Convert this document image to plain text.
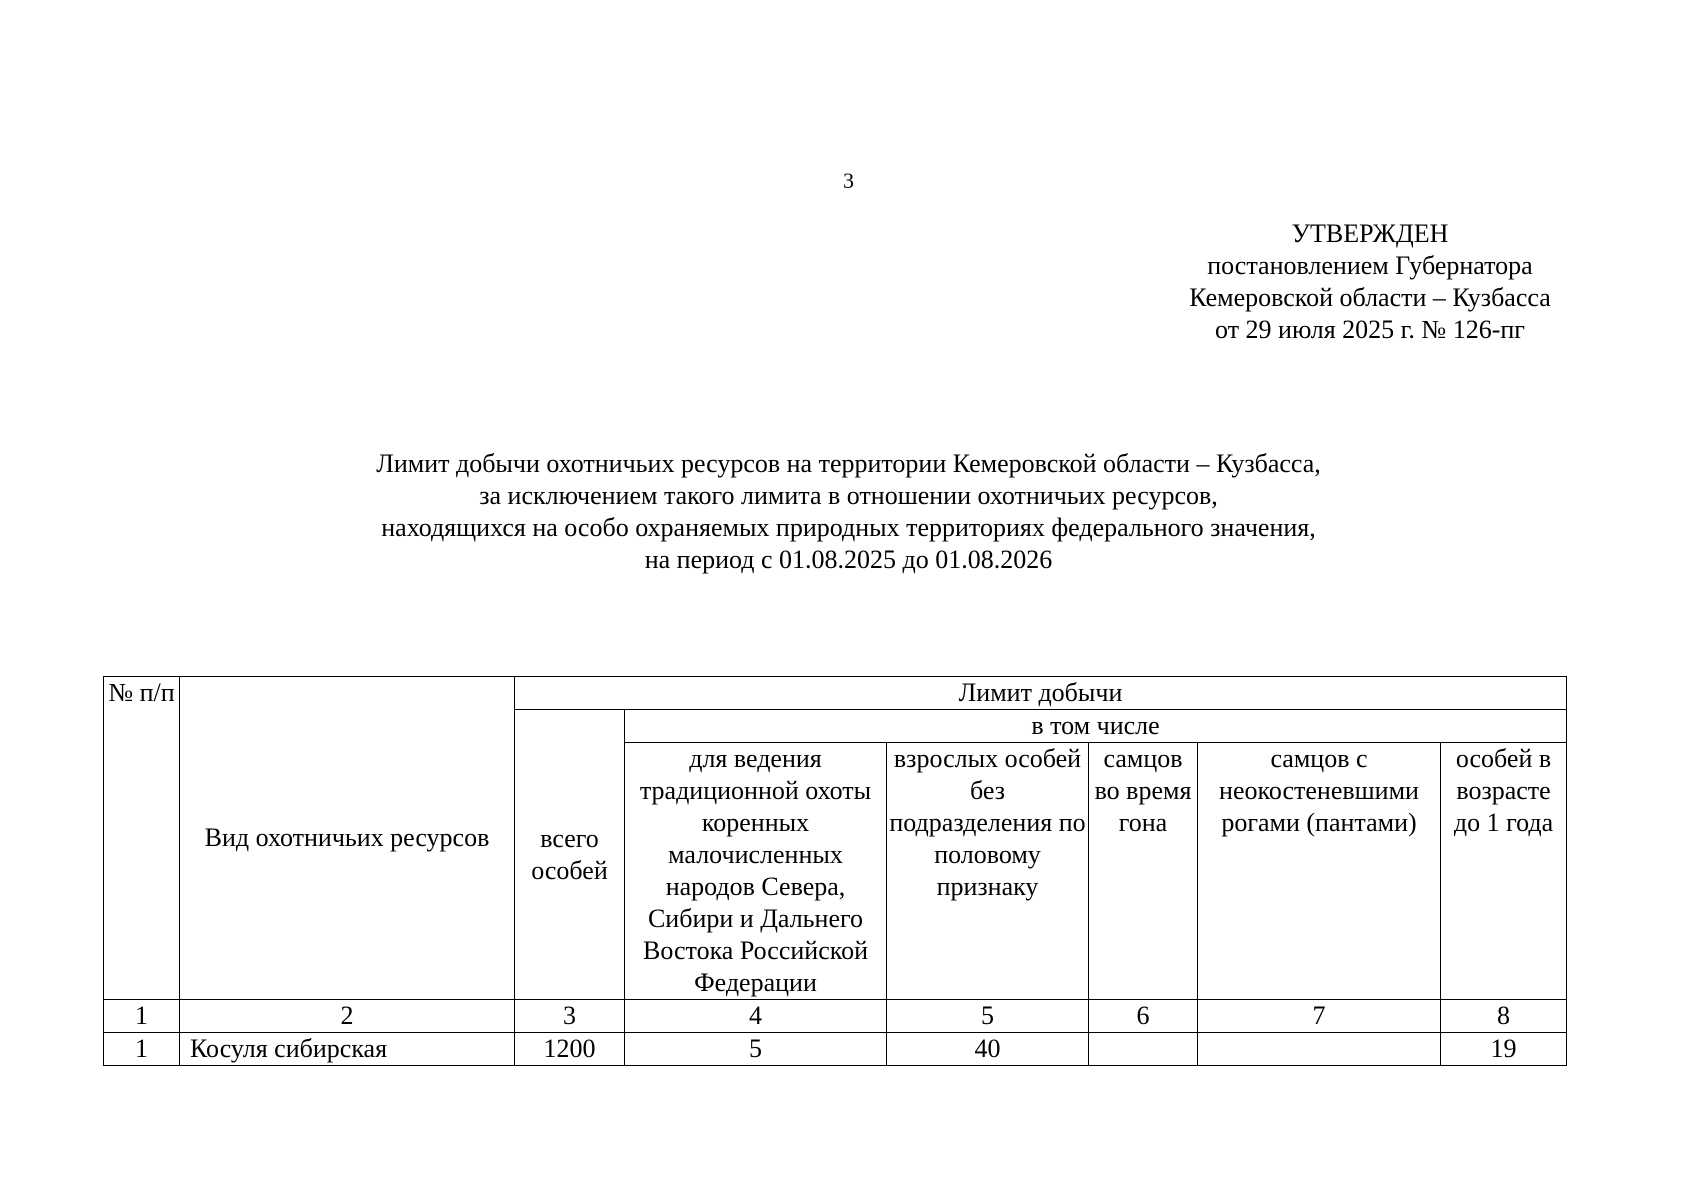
3
УТВЕРЖДЕН
постановлением Губернатора
Кемеровской области – Кузбасса
от 29 июля 2025 г. № 126-пг
Лимит добычи охотничьих ресурсов на территории Кемеровской области – Кузбасса,
за исключением такого лимита в отношении охотничьих ресурсов,
находящихся на особо охраняемых природных территориях федерального значения,
на период с 01.08.2025 до 01.08.2026
№ п/п	Вид охотничьих ресурсов	Лимит добычи					
		всего особей	в том числе				
			для ведения традиционной охоты коренных малочисленных народов Севера, Сибири и Дальнего Востока Российской Федерации	взрослых особей без подразделения по половому признаку	самцов во время гона	самцов с неокостеневшими рогами (пантами)	особей в возрасте до 1 года
1	2	3	4	5	6	7	8
1	Косуля сибирская	1200	5	40			19
